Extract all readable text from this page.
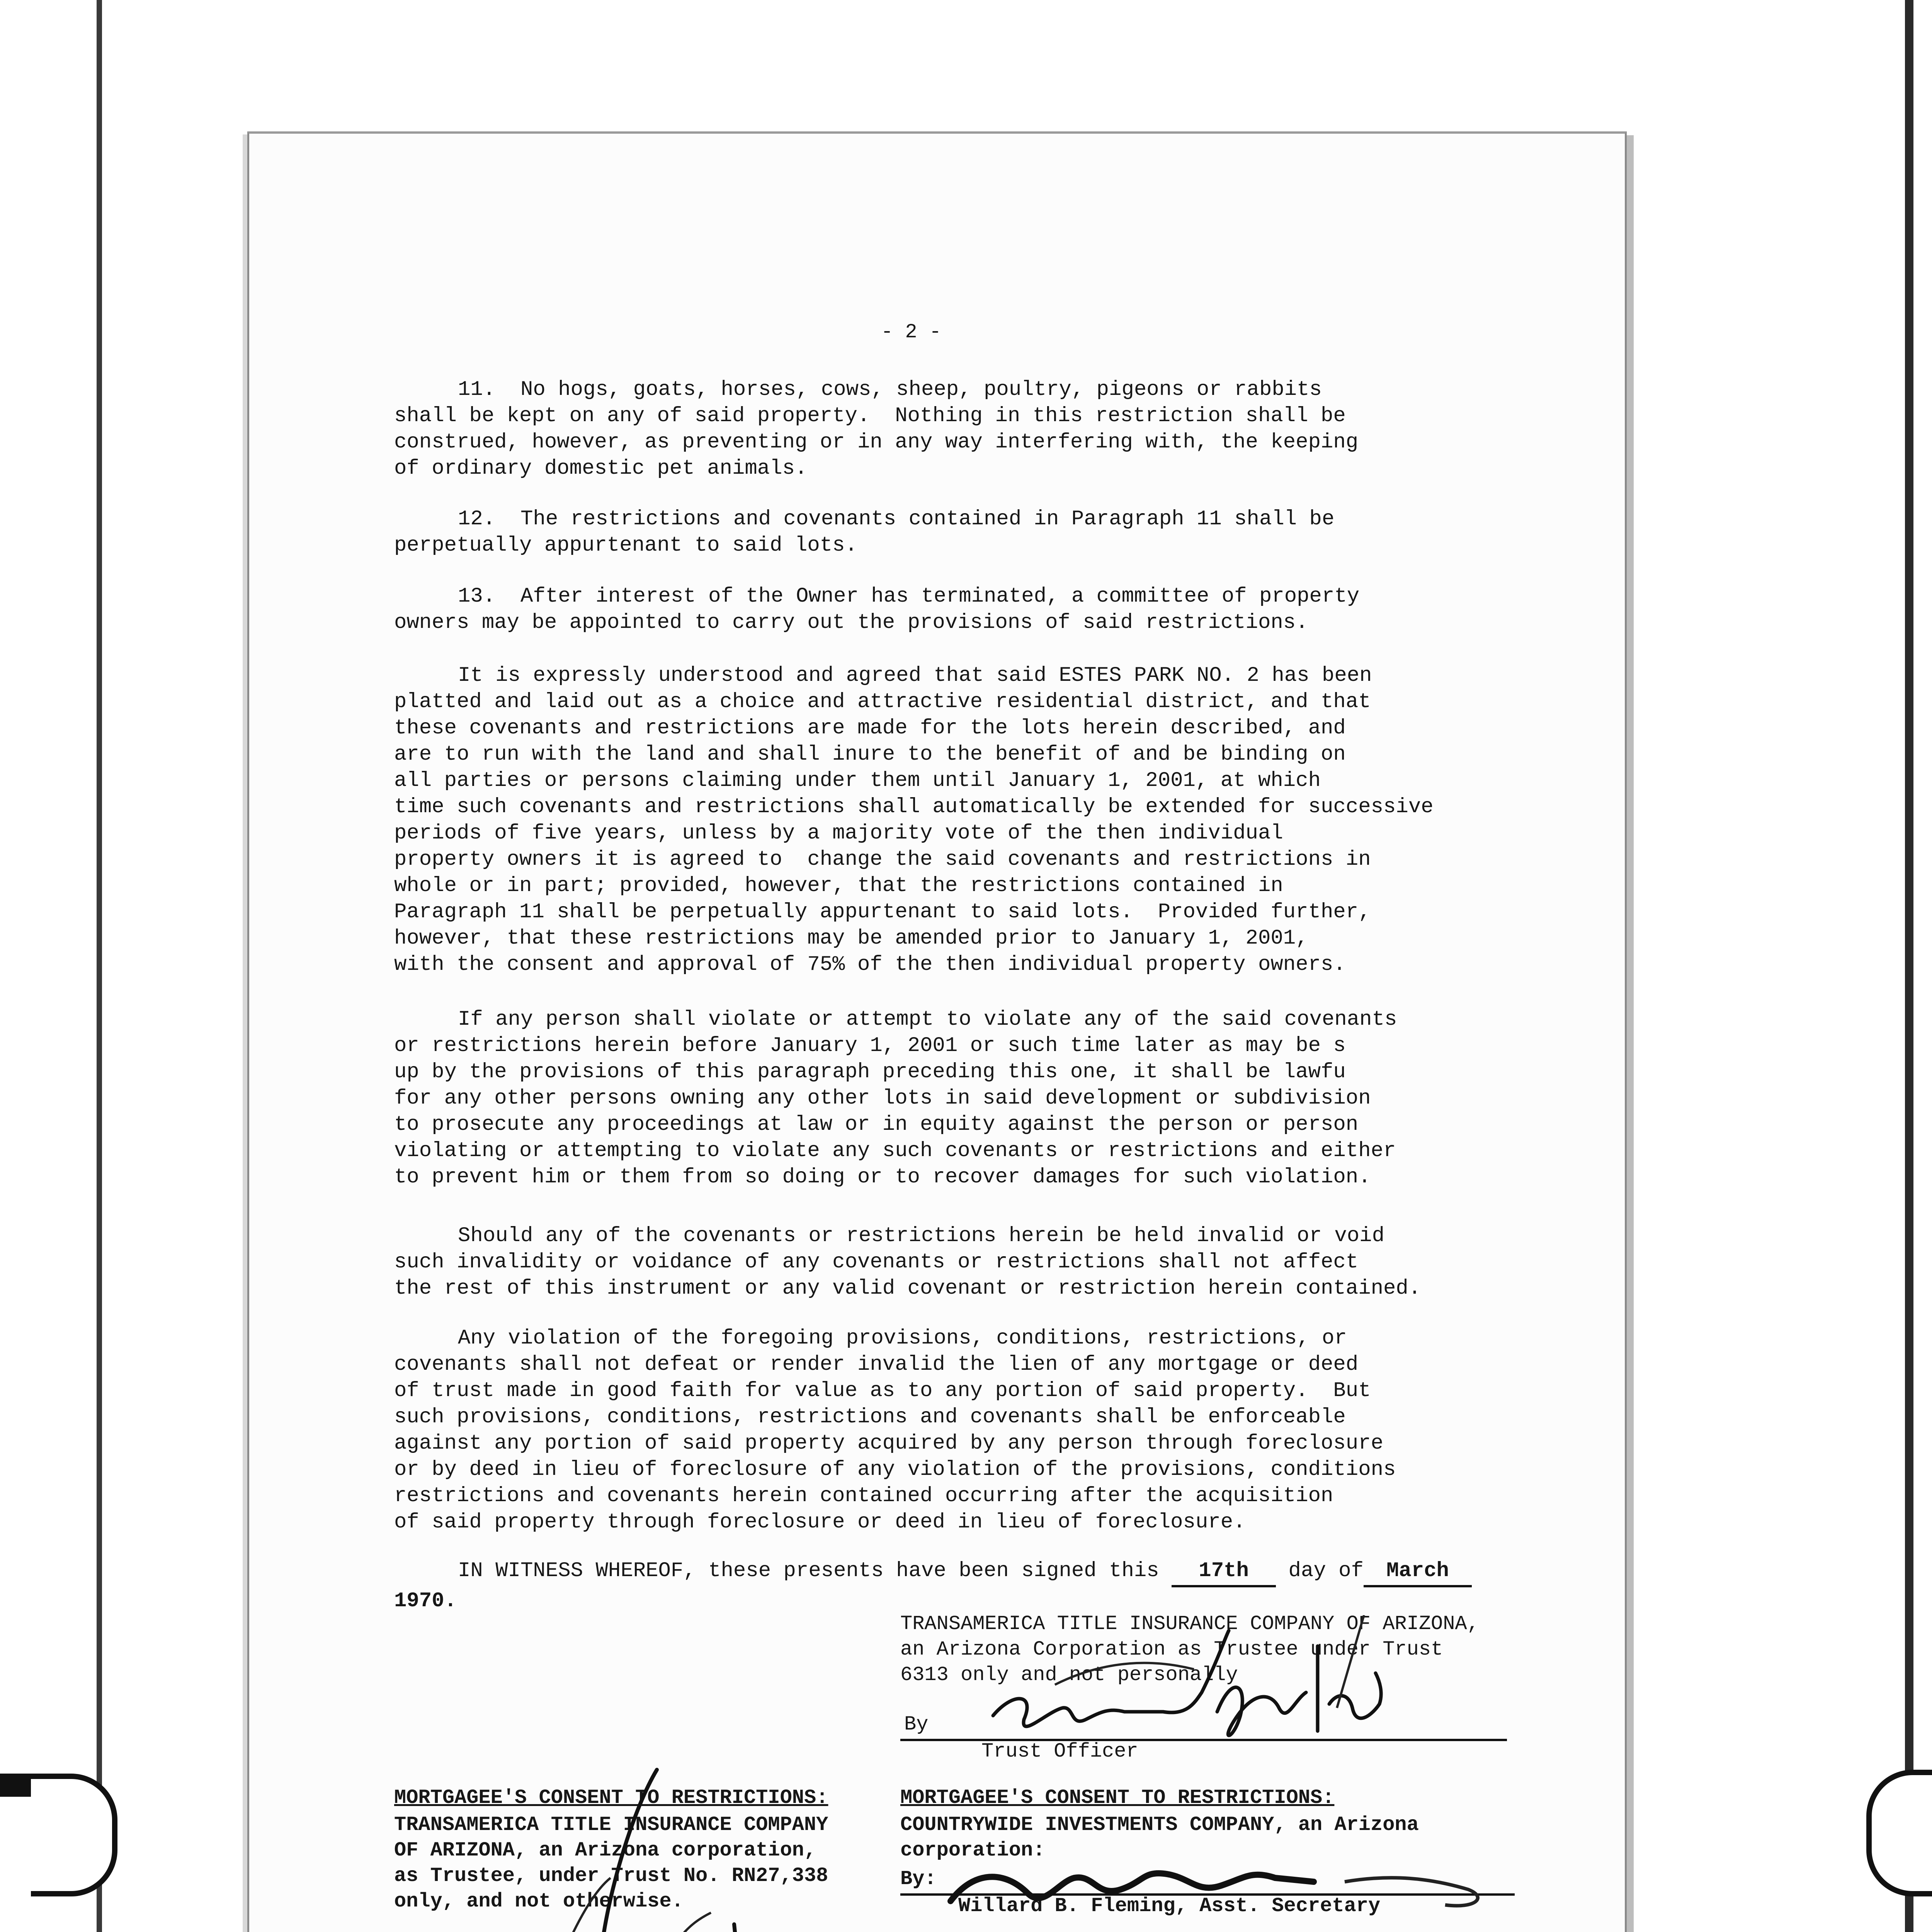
- 2 -
11.  No hogs, goats, horses, cows, sheep, poultry, pigeons or rabbits
shall be kept on any of said property.  Nothing in this restriction shall be
construed, however, as preventing or in any way interfering with, the keeping
of ordinary domestic pet animals.
12.  The restrictions and covenants contained in Paragraph 11 shall be
perpetually appurtenant to said lots.
13.  After interest of the Owner has terminated, a committee of property
owners may be appointed to carry out the provisions of said restrictions.
It is expressly understood and agreed that said ESTES PARK NO. 2 has been
platted and laid out as a choice and attractive residential district, and that
these covenants and restrictions are made for the lots herein described, and
are to run with the land and shall inure to the benefit of and be binding on
all parties or persons claiming under them until January 1, 2001, at which
time such covenants and restrictions shall automatically be extended for successive
periods of five years, unless by a majority vote of the then individual
property owners it is agreed to  change the said covenants and restrictions in
whole or in part; provided, however, that the restrictions contained in
Paragraph 11 shall be perpetually appurtenant to said lots.  Provided further,
however, that these restrictions may be amended prior to January 1, 2001,
with the consent and approval of 75% of the then individual property owners.
If any person shall violate or attempt to violate any of the said covenants
or restrictions herein before January 1, 2001 or such time later as may be s
up by the provisions of this paragraph preceding this one, it shall be lawfu
for any other persons owning any other lots in said development or subdivision
to prosecute any proceedings at law or in equity against the person or person
violating or attempting to violate any such covenants or restrictions and either
to prevent him or them from so doing or to recover damages for such violation.
Should any of the covenants or restrictions herein be held invalid or void
such invalidity or voidance of any covenants or restrictions shall not affect
the rest of this instrument or any valid covenant or restriction herein contained.
Any violation of the foregoing provisions, conditions, restrictions, or
covenants shall not defeat or render invalid the lien of any mortgage or deed
of trust made in good faith for value as to any portion of said property.  But
such provisions, conditions, restrictions and covenants shall be enforceable
against any portion of said property acquired by any person through foreclosure
or by deed in lieu of foreclosure of any violation of the provisions, conditions
restrictions and covenants herein contained occurring after the acquisition
of said property through foreclosure or deed in lieu of foreclosure.
IN WITNESS WHEREOF, these presents have been signed this 17th day of March
1970.
TRANSAMERICA TITLE INSURANCE COMPANY OF ARIZONA,
an Arizona Corporation as Trustee under Trust
6313 only and not personally
By
Trust Officer
MORTGAGEE'S CONSENT TO RESTRICTIONS:
TRANSAMERICA TITLE INSURANCE COMPANY
OF ARIZONA, an Arizona corporation,
as Trustee, under Trust No. RN27,338
only, and not otherwise.
MORTGAGEE'S CONSENT TO RESTRICTIONS:
COUNTRYWIDE INVESTMENTS COMPANY, an Arizona
corporation:
By:
Willard B. Fleming, Asst. Secretary
